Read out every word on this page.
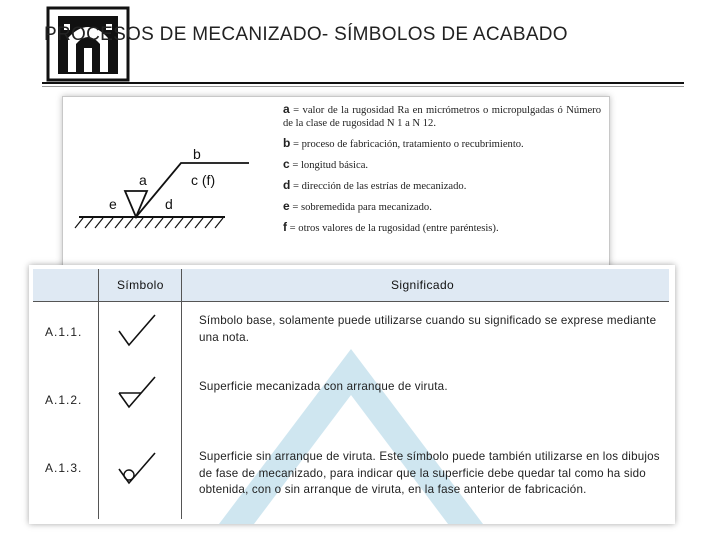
PROCESOS DE MECANIZADO- SÍMBOLOS DE ACABADO
a
b
c (f)
d
e
a = valor de la rugosidad Ra en micrómetros o micropulgadas ó Número de la clase de rugosidad N 1 a N 12.
b = proceso de fabricación, tratamiento o recubrimiento.
c = longitud básica.
d = dirección de las estrías de mecanizado.
e = sobremedida para mecanizado.
f = otros valores de la rugosidad (entre paréntesis).
Símbolo	Significado
A.1.1.
Símbolo base, solamente puede utilizarse cuando su significado se exprese mediante una nota.
A.1.2.
Superficie mecanizada con arranque de viruta.
A.1.3.
Superficie sin arranque de viruta. Este símbolo puede también utilizarse en los dibujos de fase de mecanizado, para indicar que la superficie debe quedar tal como ha sido obtenida, con o sin arranque de viruta, en la fase anterior de fabricación.
